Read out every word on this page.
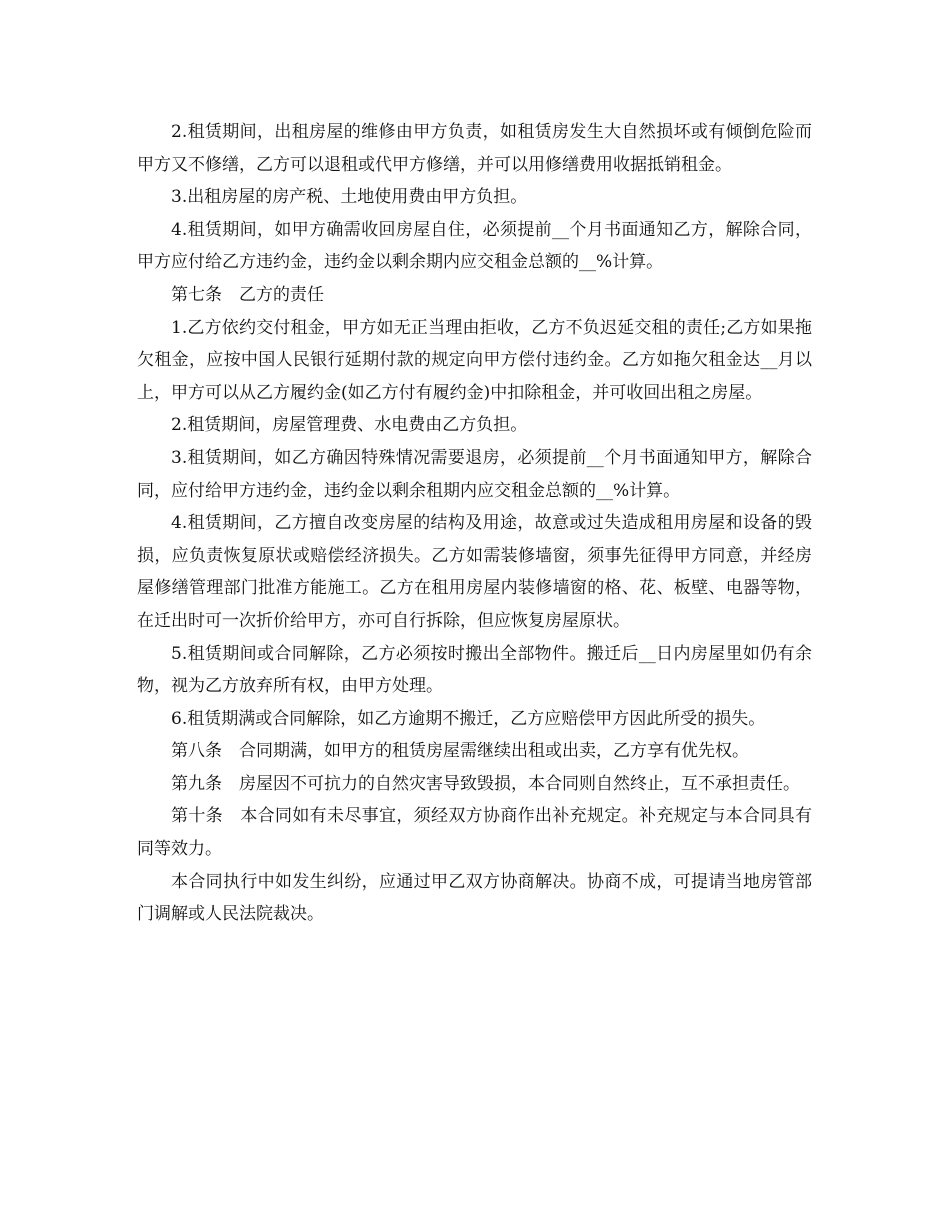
2.租赁期间，出租房屋的维修由甲方负责，如租赁房发生大自然损坏或有倾倒危险而甲方又不修缮，乙方可以退租或代甲方修缮，并可以用修缮费用收据抵销租金。

3.出租房屋的房产税、土地使用费由甲方负担。

4.租赁期间，如甲方确需收回房屋自住，必须提前__个月书面通知乙方，解除合同，甲方应付给乙方违约金，违约金以剩余期内应交租金总额的__%计算。

第七条　乙方的责任

1.乙方依约交付租金，甲方如无正当理由拒收，乙方不负迟延交租的责任;乙方如果拖欠租金，应按中国人民银行延期付款的规定向甲方偿付违约金。乙方如拖欠租金达__月以上，甲方可以从乙方履约金(如乙方付有履约金)中扣除租金，并可收回出租之房屋。

2.租赁期间，房屋管理费、水电费由乙方负担。

3.租赁期间，如乙方确因特殊情况需要退房，必须提前__个月书面通知甲方，解除合同，应付给甲方违约金，违约金以剩余租期内应交租金总额的__%计算。

4.租赁期间，乙方擅自改变房屋的结构及用途，故意或过失造成租用房屋和设备的毁损，应负责恢复原状或赔偿经济损失。乙方如需装修墙窗，须事先征得甲方同意，并经房屋修缮管理部门批准方能施工。乙方在租用房屋内装修墙窗的格、花、板壁、电器等物，在迁出时可一次折价给甲方，亦可自行拆除，但应恢复房屋原状。

5.租赁期间或合同解除，乙方必须按时搬出全部物件。搬迁后__日内房屋里如仍有余物，视为乙方放弃所有权，由甲方处理。

6.租赁期满或合同解除，如乙方逾期不搬迁，乙方应赔偿甲方因此所受的损失。

第八条　合同期满，如甲方的租赁房屋需继续出租或出卖，乙方享有优先权。

第九条　房屋因不可抗力的自然灾害导致毁损，本合同则自然终止，互不承担责任。

第十条　本合同如有未尽事宜，须经双方协商作出补充规定。补充规定与本合同具有同等效力。

本合同执行中如发生纠纷，应通过甲乙双方协商解决。协商不成，可提请当地房管部门调解或人民法院裁决。
